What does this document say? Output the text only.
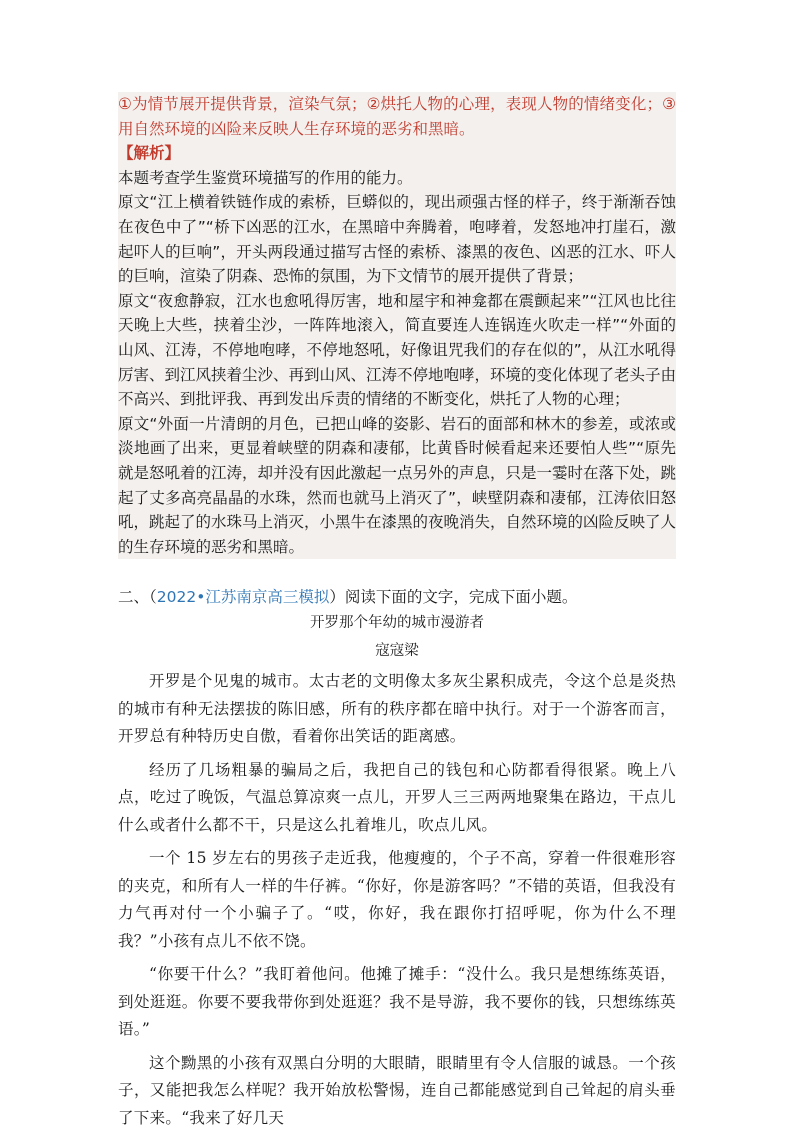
①为情节展开提供背景，渲染气氛；②烘托人物的心理，表现人物的情绪变化；③用自然环境的凶险来反映人生存环境的恶劣和黑暗。

【解析】

本题考查学生鉴赏环境描写的作用的能力。

原文“江上横着铁链作成的索桥，巨蟒似的，现出顽强古怪的样子，终于渐渐吞蚀在夜色中了”“桥下凶恶的江水，在黑暗中奔腾着，咆哮着，发怒地冲打崖石，激起吓人的巨响”，开头两段通过描写古怪的索桥、漆黑的夜色、凶恶的江水、吓人的巨响，渲染了阴森、恐怖的氛围，为下文情节的展开提供了背景；

原文“夜愈静寂，江水也愈吼得厉害，地和屋宇和神龛都在震颤起来”“江风也比往天晚上大些，挟着尘沙，一阵阵地滚入，简直要连人连锅连火吹走一样”“外面的山风、江涛，不停地咆哮，不停地怒吼，好像诅咒我们的存在似的”，从江水吼得厉害、到江风挟着尘沙、再到山风、江涛不停地咆哮，环境的变化体现了老头子由不高兴、到批评我、再到发出斥责的情绪的不断变化，烘托了人物的心理；

原文“外面一片清朗的月色，已把山峰的姿影、岩石的面部和林木的参差，或浓或淡地画了出来，更显着峡壁的阴森和凄郁，比黄昏时候看起来还要怕人些”“原先就是怒吼着的江涛，却并没有因此激起一点另外的声息，只是一霎时在落下处，跳起了丈多高亮晶晶的水珠，然而也就马上消灭了”，峡壁阴森和凄郁，江涛依旧怒吼，跳起了的水珠马上消灭，小黑牛在漆黑的夜晚消失，自然环境的凶险反映了人的生存环境的恶劣和黑暗。

二、（2022•江苏南京高三模拟）阅读下面的文字，完成下面小题。

开罗那个年幼的城市漫游者

寇寇梁

开罗是个见鬼的城市。太古老的文明像太多灰尘累积成壳，令这个总是炎热的城市有种无法摆拔的陈旧感，所有的秩序都在暗中执行。对于一个游客而言，开罗总有种特历史自傲，看着你出笑话的距离感。

经历了几场粗暴的骗局之后，我把自己的钱包和心防都看得很紧。晚上八点，吃过了晚饭，气温总算凉爽一点儿，开罗人三三两两地聚集在路边，干点儿什么或者什么都不干，只是这么扎着堆儿，吹点儿风。

一个 15 岁左右的男孩子走近我，他瘦瘦的，个子不高，穿着一件很难形容的夹克，和所有人一样的牛仔裤。“你好，你是游客吗？”不错的英语，但我没有力气再对付一个小骗子了。“哎，你好，我在跟你打招呼呢，你为什么不理我？”小孩有点儿不依不饶。

“你要干什么？”我盯着他问。他摊了摊手：“没什么。我只是想练练英语，到处逛逛。你要不要我带你到处逛逛？我不是导游，我不要你的钱，只想练练英语。”

这个黝黑的小孩有双黑白分明的大眼睛，眼睛里有令人信服的诚恳。一个孩子，又能把我怎么样呢？我开始放松警惕，连自己都能感觉到自己耸起的肩头垂了下来。“我来了好几天
